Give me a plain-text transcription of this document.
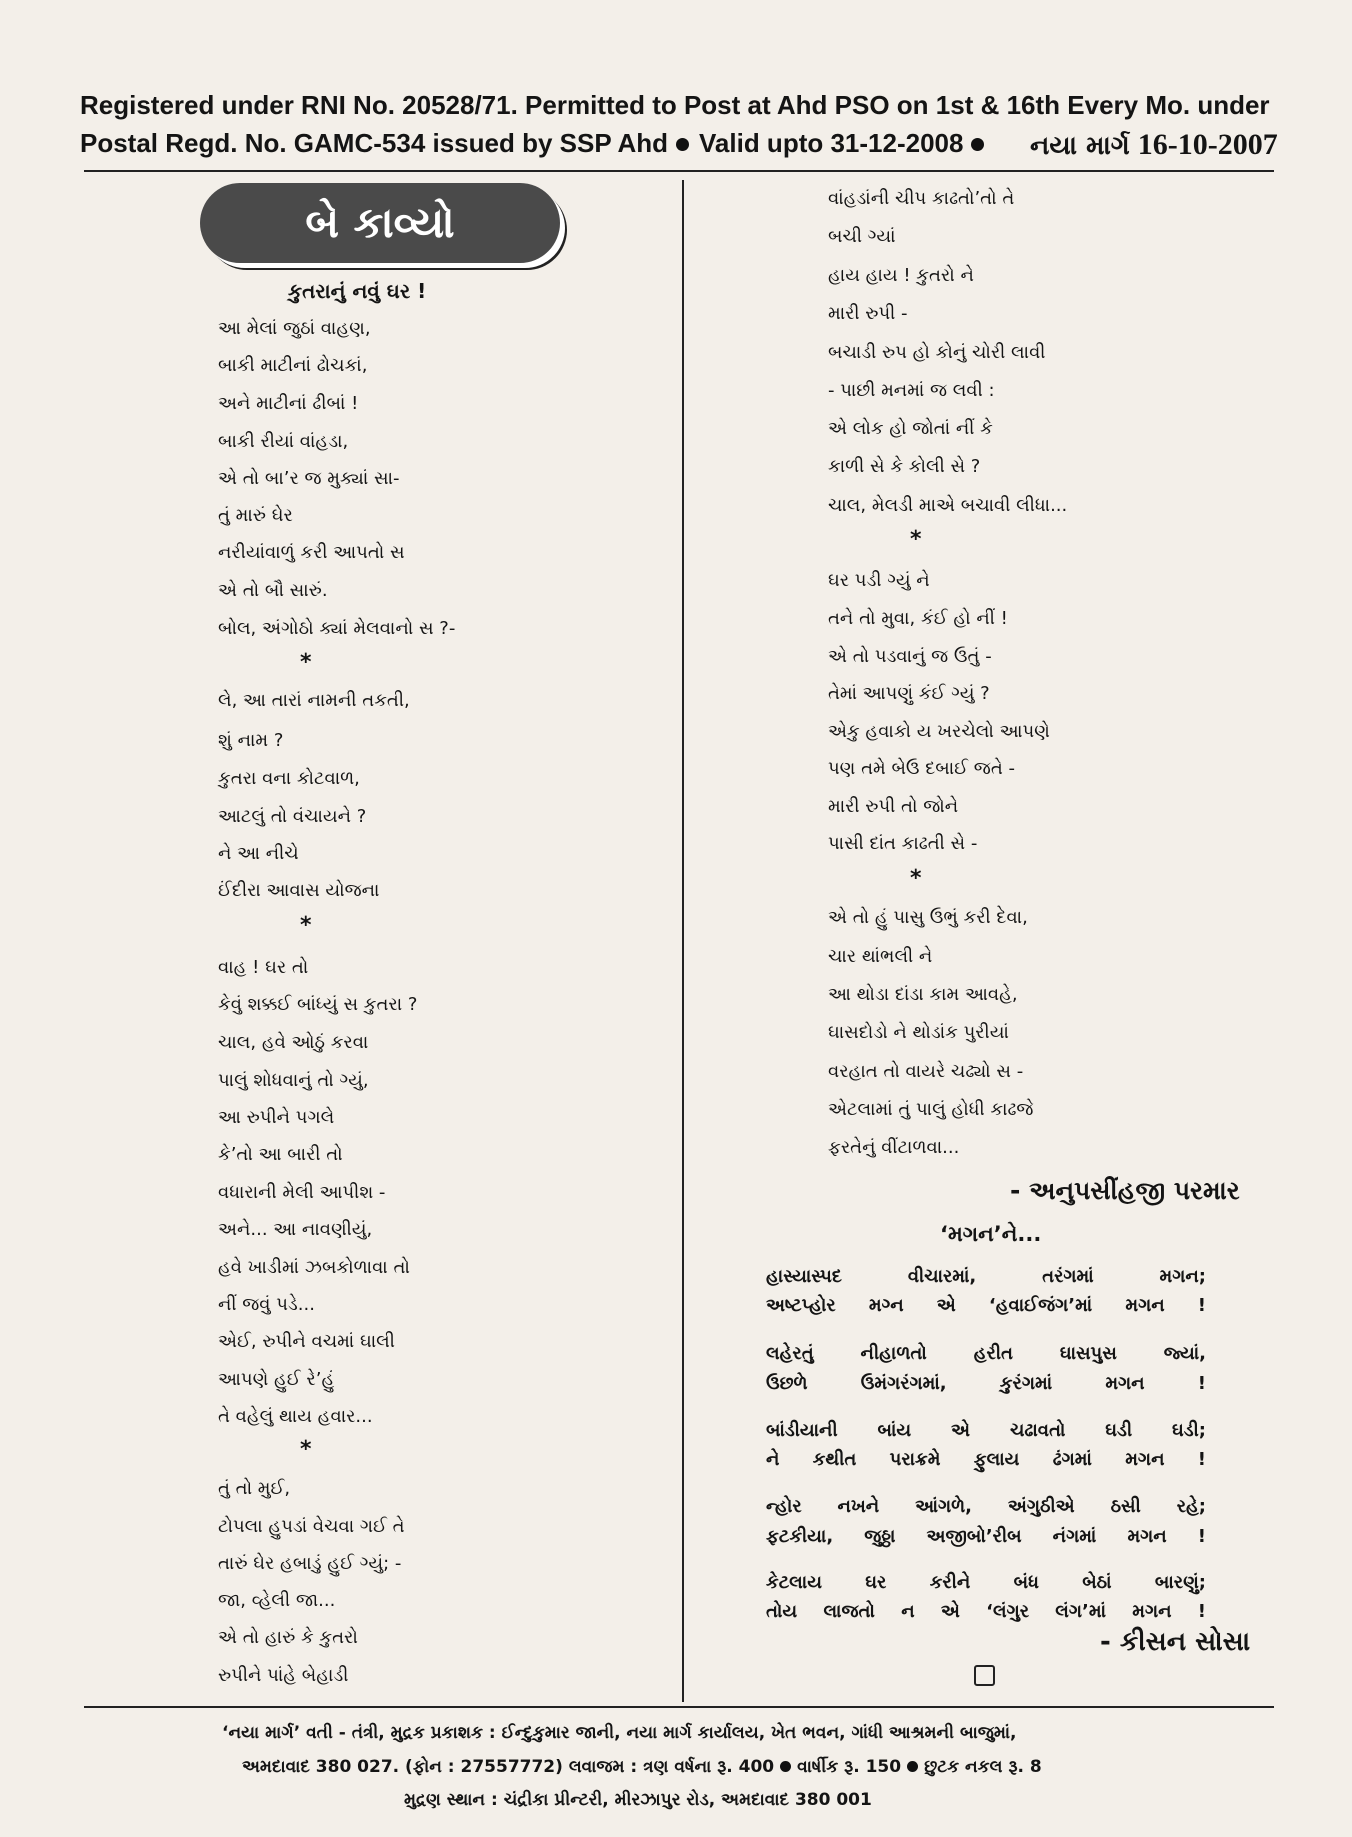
Registered under RNI No. 20528/71. Permitted to Post at Ahd PSO on 1st & 16th Every Mo. under
Postal Regd. No. GAMC-534 issued by SSP Ahd Valid upto 31-12-2008	નયા માર્ગ 16-10-2007
બે કાવ્યો
કુતરાનું નવું ઘર !
આ મેલાં જુઠાં વાહણ,
બાકી માટીનાં ઢોચકાં,
અને માટીનાં ઢીબાં !
બાકી રીયાં વાંહડા,
એ તો બા’ર જ મુક્યાં સા-
તું મારું ઘેર
નરીયાંવાળું કરી આપતો સ
એ તો બૌ સારું.
બોલ, અંગોઠો ક્યાં મેલવાનો સ ?-
*
લે, આ તારાં નામની તકતી,
શું નામ ?
કુતરા વના કોટવાળ,
આટલું તો વંચાયને ?
ને આ નીચે
ઈંદીરા આવાસ યોજના
*
વાહ ! ઘર તો
કેવું શક્કઈ બાંધ્યું સ કુતરા ?
ચાલ, હવે ઓઠું કરવા
પાલું શોધવાનું તો ગ્યું,
આ રુપીને પગલે
કે’તો આ બારી તો
વધારાની મેલી આપીશ -
અને... આ નાવણીયું,
હવે ખાડીમાં ઝબકોળાવા તો
નીં જવું પડે...
એઈ, રુપીને વચમાં ઘાલી
આપણે હુઈ રે’હું
તે વહેલું થાય હવાર...
*
તું તો મુઈ,
ટોપલા હુપડાં વેચવા ગઈ તે
તારું ઘેર હબાડું હુઈ ગ્યું; -
જા, વ્હેલી જા...
એ તો હારું કે કુતરો
રુપીને પાંહે બેહાડી
વાંહડાંની ચીપ કાઢતો’તો તે
બચી ગ્યાં
હાય હાય ! કુતરો ને
મારી રુપી -
બચાડી રુપ હો કોનું ચોરી લાવી
- પાછી મનમાં જ લવી :
એ લોક હો જોતાં નીં કે
કાળી સે કે કોલી સે ?
ચાલ, મેલડી માએ બચાવી લીધા...
*
ઘર પડી ગ્યું ને
તને તો મુવા, કંઈ હો નીં !
એ તો પડવાનું જ ઉતું -
તેમાં આપણું કંઈ ગ્યું ?
એકુ હવાકો ય ખરચેલો આપણે
પણ તમે બેઉ દબાઈ જતે -
મારી રુપી તો જોને
પાસી દાંત કાઢતી સે -
*
એ તો હું પાસુ ઉભું કરી દેવા,
ચાર થાંભલી ને
આ થોડા દાંડા કામ આવહે,
ઘાસદોડો ને થોડાંક પુરીયાં
વરહાત તો વાયરે ચઢ્યો સ -
એટલામાં તું પાલું હોધી કાઢજે
ફરતેનું વીંટાળવા...
- અનુપસીંહજી પરમાર
‘મગન’ને...
હાસ્યાસ્પદ વીચારમાં, તરંગમાં મગન;
અષ્ટપ્હોર મગ્ન એ ‘હવાઈજંગ’માં મગન !
લહેરતું નીહાળતો હરીત ઘાસપુસ જ્યાં,
ઉછળે ઉમંગરંગમાં, કુરંગમાં મગન !
બાંડીયાની બાંય એ ચઢાવતો ઘડી ઘડી;
ને કથીત પરાક્રમે ફુલાય ઢંગમાં મગન !
ન્હોર નખને આંગળે, અંગુઠીએ ઠસી રહે;
ફટકીયા, જુઠ્ઠા અજીબો’રીબ નંગમાં મગન !
કેટલાય ઘર કરીને બંધ બેઠાં બારણું;
તોય લાજતો ન એ ‘લંગુર લંગ’માં મગન !
- કીસન સોસા
‘નયા માર્ગ’ વતી - તંત્રી, મુદ્રક પ્રકાશક : ઈન્દુકુમાર જાની, નયા માર્ગ કાર્યાલય, ખેત ભવન, ગાંધી આશ્રમની બાજુમાં,
અમદાવાદ 380 027. (ફોન : 27557772) લવાજમ : ત્રણ વર્ષના રૂ. 400 વાર્ષીક રૂ. 150 છુટક નકલ રૂ. 8
મુદ્રણ સ્થાન : ચંદ્રીકા પ્રીન્ટરી, મીરઝાપુર રોડ, અમદાવાદ 380 001
